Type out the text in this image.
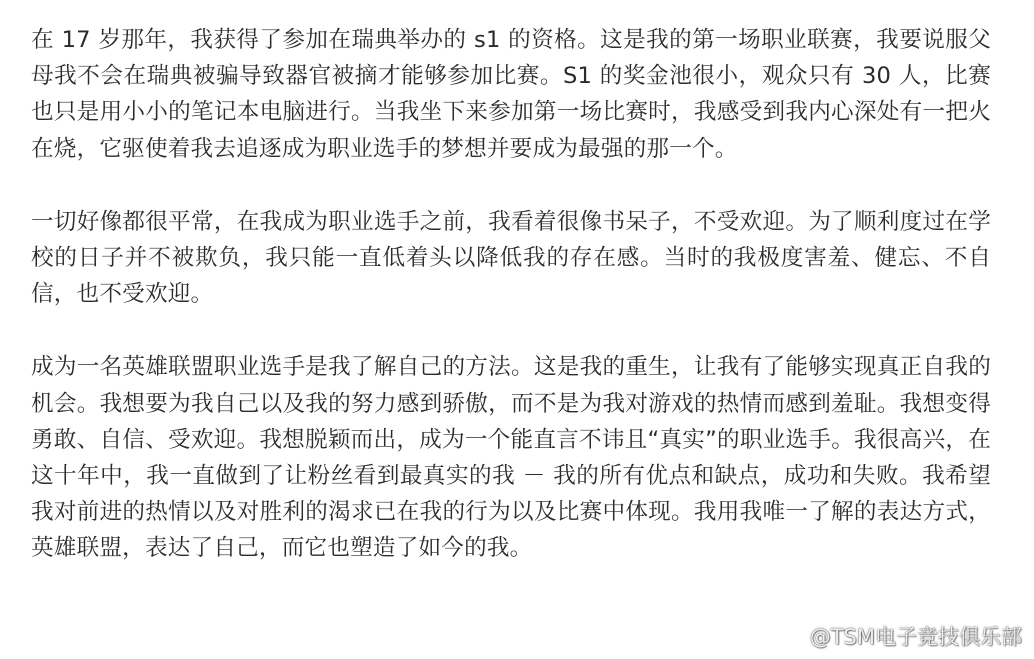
在 17 岁那年，我获得了参加在瑞典举办的 s1 的资格。这是我的第一场职业联赛，我要说服父母我不会在瑞典被骗导致器官被摘才能够参加比赛。S1 的奖金池很小，观众只有 30 人，比赛也只是用小小的笔记本电脑进行。当我坐下来参加第一场比赛时，我感受到我内心深处有一把火在烧，它驱使着我去追逐成为职业选手的梦想并要成为最强的那一个。

一切好像都很平常，在我成为职业选手之前，我看着很像书呆子，不受欢迎。为了顺利度过在学校的日子并不被欺负，我只能一直低着头以降低我的存在感。当时的我极度害羞、健忘、不自信，也不受欢迎。

成为一名英雄联盟职业选手是我了解自己的方法。这是我的重生，让我有了能够实现真正自我的机会。我想要为我自己以及我的努力感到骄傲，而不是为我对游戏的热情而感到羞耻。我想变得勇敢、自信、受欢迎。我想脱颖而出，成为一个能直言不讳且“真实”的职业选手。我很高兴，在这十年中，我一直做到了让粉丝看到最真实的我 － 我的所有优点和缺点，成功和失败。我希望我对前进的热情以及对胜利的渴求已在我的行为以及比赛中体现。我用我唯一了解的表达方式，英雄联盟，表达了自己，而它也塑造了如今的我。

@TSM电子竞技俱乐部
